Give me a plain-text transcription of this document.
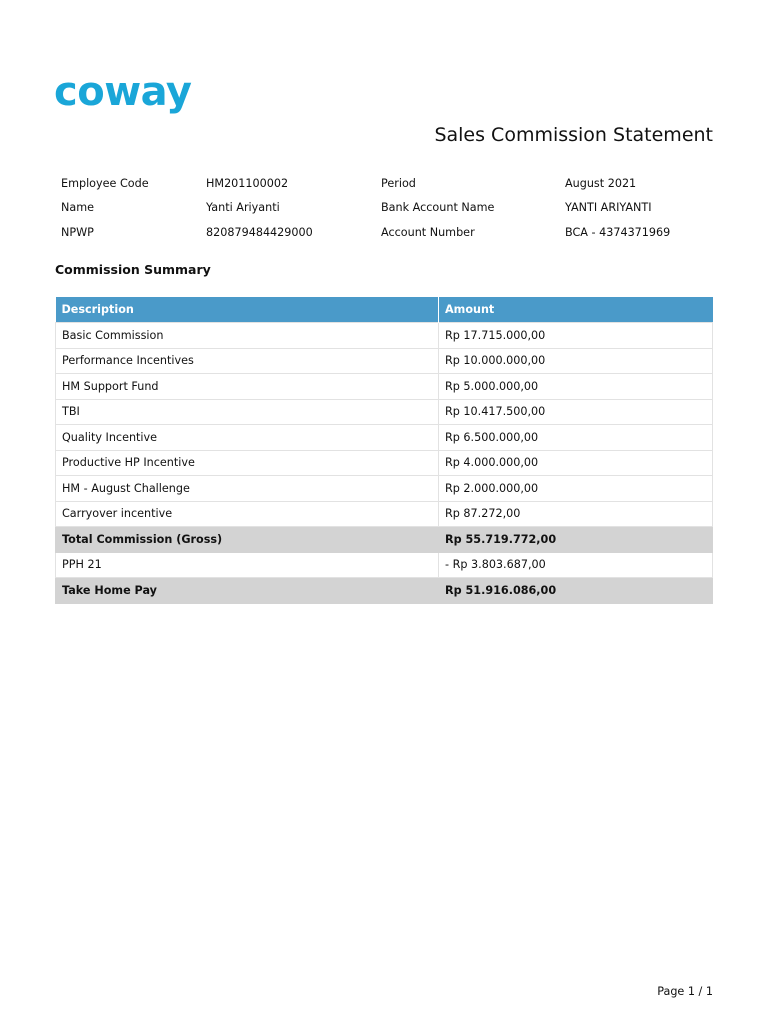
coway
Sales Commission Statement
Employee Code	HM201100002	Period	August 2021
Name	Yanti Ariyanti	Bank Account Name	YANTI ARIYANTI
NPWP	820879484429000	Account Number	BCA - 4374371969
Commission Summary
Description	Amount
Basic Commission	Rp 17.715.000,00
Performance Incentives	Rp 10.000.000,00
HM Support Fund	Rp 5.000.000,00
TBI	Rp 10.417.500,00
Quality Incentive	Rp 6.500.000,00
Productive HP Incentive	Rp 4.000.000,00
HM - August Challenge	Rp 2.000.000,00
Carryover incentive	Rp 87.272,00
Total Commission (Gross)	Rp 55.719.772,00
PPH 21	- Rp 3.803.687,00
Take Home Pay	Rp 51.916.086,00
Page 1 / 1
